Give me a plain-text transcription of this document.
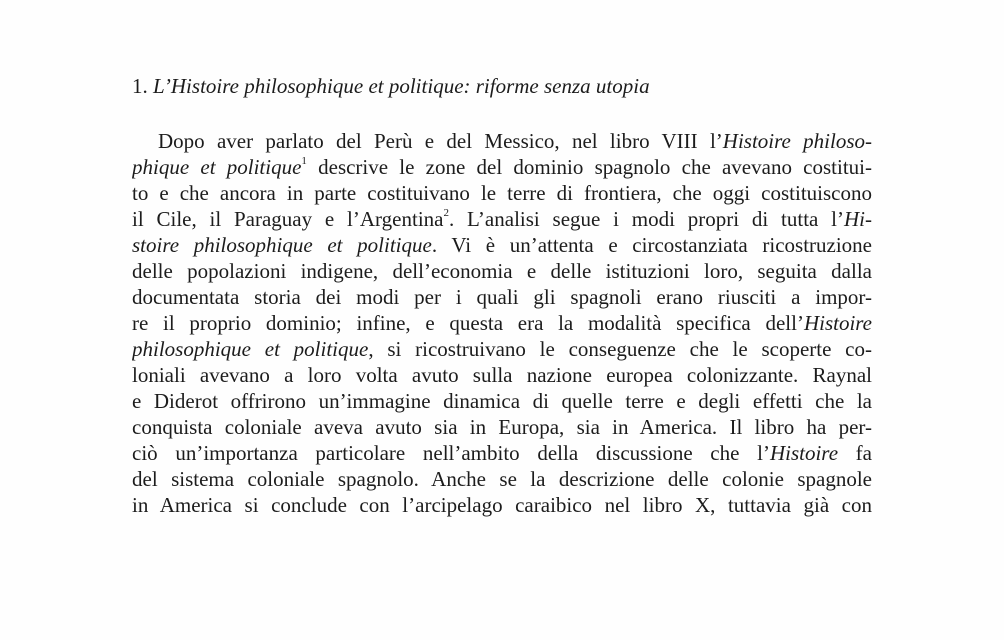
1. L’Histoire philosophique et politique: riforme senza utopia
Dopo aver parlato del Perù e del Messico, nel libro VIII l’Histoire philoso-
phique et politique$^1$ descrive le zone del dominio spagnolo che avevano costitui-
to e che ancora in parte costituivano le terre di frontiera, che oggi costituiscono
il Cile, il Paraguay e l’Argentina$^2$. L’analisi segue i modi propri di tutta l’Hi-
stoire philosophique et politique. Vi è un’attenta e circostanziata ricostruzione
delle popolazioni indigene, dell’economia e delle istituzioni loro, seguita dalla
documentata storia dei modi per i quali gli spagnoli erano riusciti a impor-
re il proprio dominio; infine, e questa era la modalità specifica dell’Histoire
philosophique et politique, si ricostruivano le conseguenze che le scoperte co-
loniali avevano a loro volta avuto sulla nazione europea colonizzante. Raynal
e Diderot offrirono un’immagine dinamica di quelle terre e degli effetti che la
conquista coloniale aveva avuto sia in Europa, sia in America. Il libro ha per-
ciò un’importanza particolare nell’ambito della discussione che l’Histoire fa
del sistema coloniale spagnolo. Anche se la descrizione delle colonie spagnole
in America si conclude con l’arcipelago caraibico nel libro X, tuttavia già con
